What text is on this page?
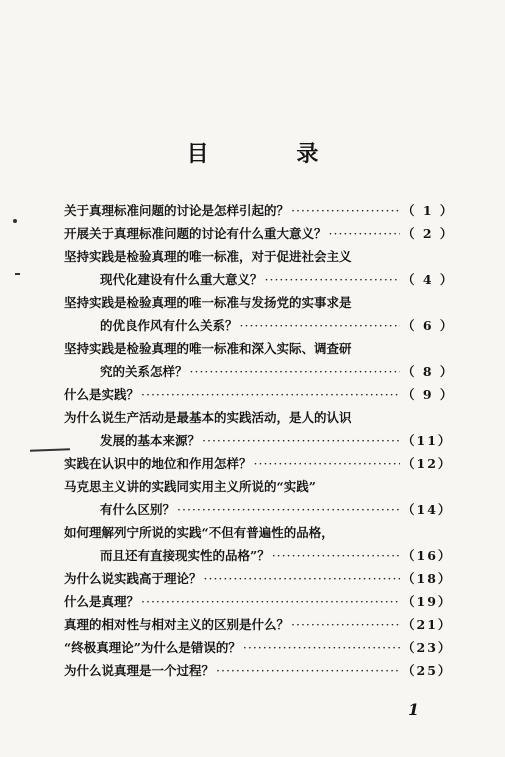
目 录
关于真理标准问题的讨论是怎样引起的？ ·····	（ 1 ）
开展关于真理标准问题的讨论有什么重大意义？ ·····	（ 2 ）
坚持实践是检验真理的唯一标准，对于促进社会主义
现代化建设有什么重大意义？ ·····	（ 4 ）
坚持实践是检验真理的唯一标准与发扬党的实事求是
的优良作风有什么关系？ ·····	（ 6 ）
坚持实践是检验真理的唯一标准和深入实际、调查研
究的关系怎样？ ·····	（ 8 ）
什么是实践？ ·····	（ 9 ）
为什么说生产活动是最基本的实践活动，是人的认识
发展的基本来源？ ·····	（11）
实践在认识中的地位和作用怎样？ ·····	（12）
马克思主义讲的实践同实用主义所说的“实践”
有什么区别？ ·····	（14）
如何理解列宁所说的实践“不但有普遍性的品格，
而且还有直接现实性的品格”？ ·····	（16）
为什么说实践高于理论？ ·····	（18）
什么是真理？ ·····	（19）
真理的相对性与相对主义的区别是什么？ ·····	（21）
“终极真理论”为什么是错误的？ ·····	（23）
为什么说真理是一个过程？ ·····	（25）
1
